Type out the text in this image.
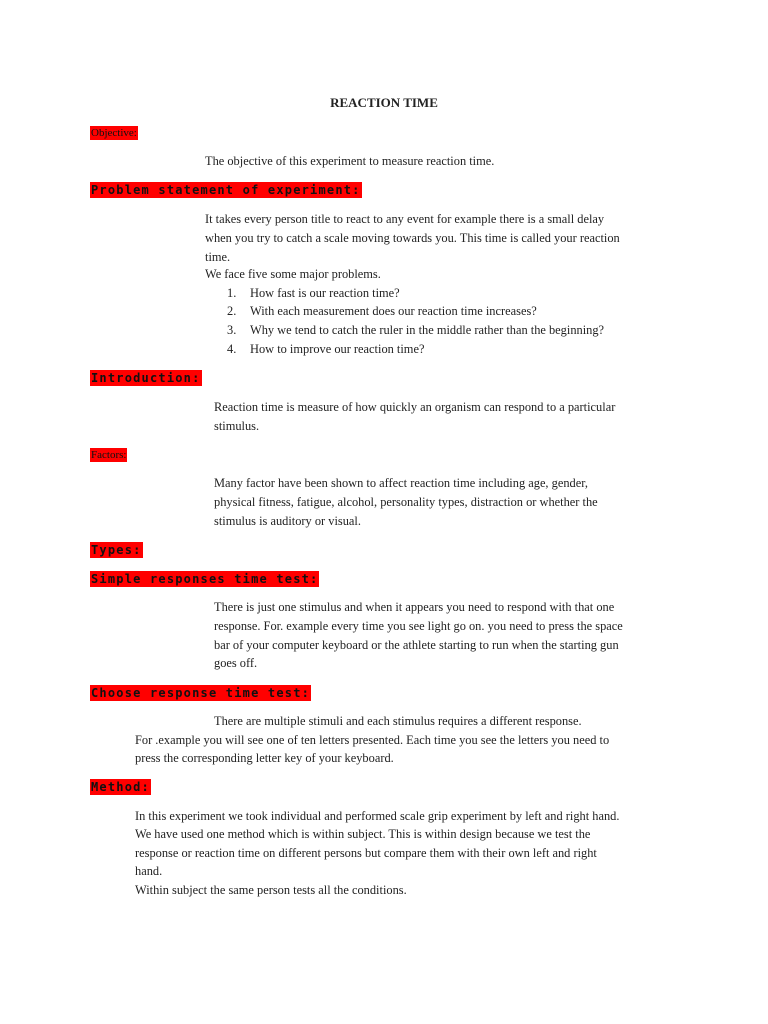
REACTION TIME
Objective:
The objective of this experiment to measure reaction time.
Problem statement of experiment:
It takes every person title to react to any event for example there is a small delay
when you try to catch a scale moving towards you. This time is called your reaction
time.
We face five some major problems.
1. How fast is our reaction time?
2. With each measurement does our reaction time increases?
3. Why we tend to catch the ruler in the middle rather than the beginning?
4. How to improve our reaction time?
Introduction:
Reaction time is measure of how quickly an organism can respond to a particular
stimulus.
Factors:
Many factor have been shown to affect reaction time including age, gender,
physical fitness, fatigue, alcohol, personality types, distraction or whether the
stimulus is auditory or visual.
Types:
Simple responses time test:
There is just one stimulus and when it appears you need to respond with that one
response. For. example every time you see light go on. you need to press the space
bar of your computer keyboard or the athlete starting to run when the starting gun
goes off.
Choose response time test:
There are multiple stimuli and each stimulus requires a different response.
For .example you will see one of ten letters presented. Each time you see the letters you need to
press the corresponding letter key of your keyboard.
Method:
In this experiment we took individual and performed scale grip experiment by left and right hand.
We have used one method which is within subject. This is within design because we test the
response or reaction time on different persons but compare them with their own left and right
hand.
Within subject the same person tests all the conditions.
